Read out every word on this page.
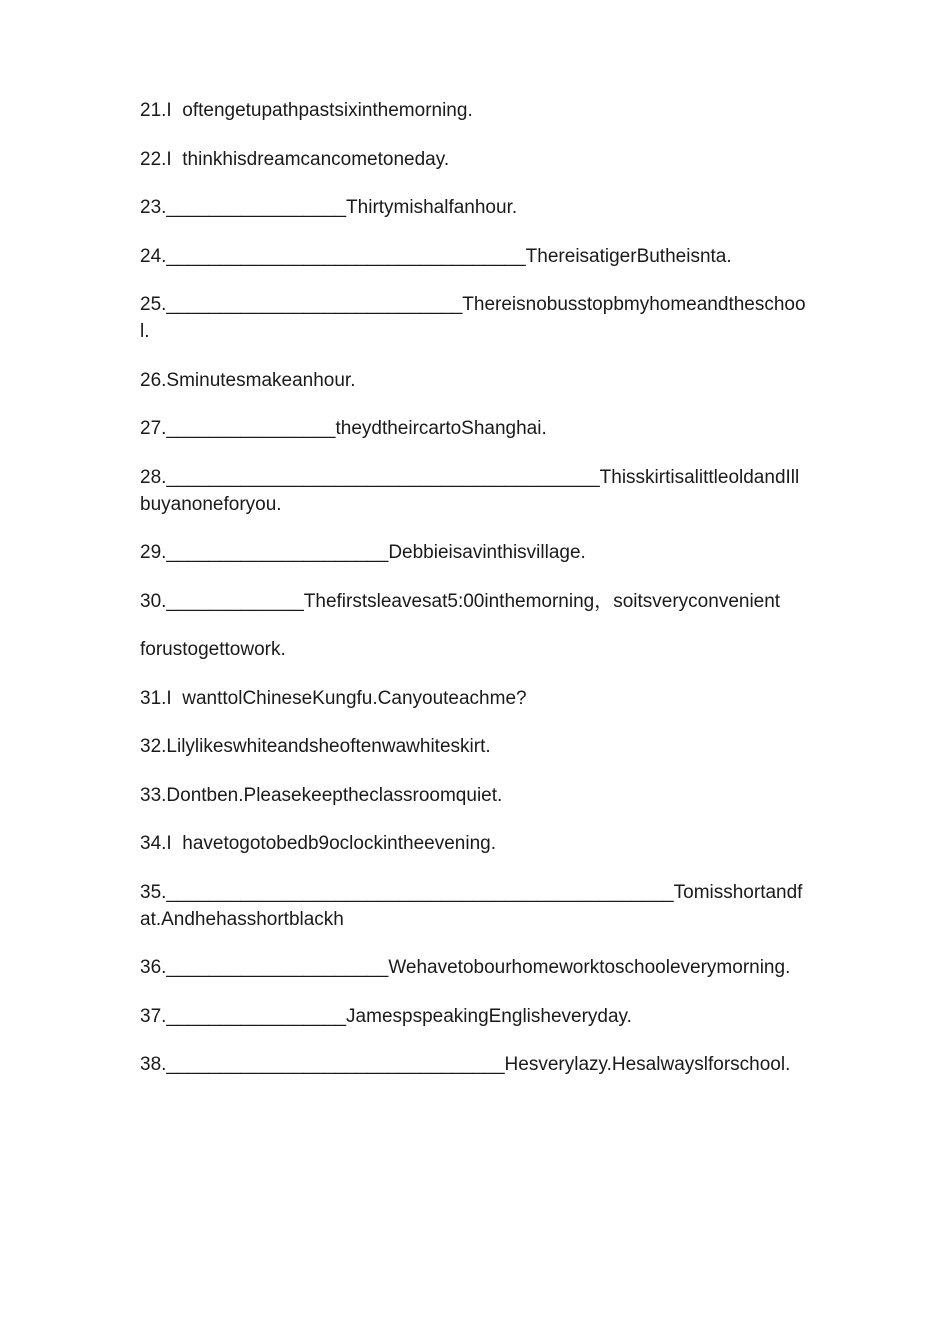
21.I  oftengetupathpastsixinthemorning.

22.I  thinkhisdreamcancometoneday.

23._________________Thirtymishalfanhour.

24.__________________________________ThereisatigerButheisnta.

25.____________________________Thereisnobusstopbmyhomeandtheschool.

26.Sminutesmakeanhour.

27.________________theydtheircartoShanghai.

28._________________________________________ThisskirtisalittleoldandIllbuyanoneforyou.

29._____________________Debbieisavinthisvillage.

30._____________Thefirstsleavesat5:00inthemorning，soitsveryconvenient

forustogettowork.

31.I  wanttolChineseKungfu.Canyouteachme?

32.Lilylikeswhiteandsheoftenwawhiteskirt.

33.Dontben.Pleasekeeptheclassroomquiet.

34.I  havetogotobedb9oclockintheevening.

35.________________________________________________Tomisshortandfat.Andhehasshortblackh

36._____________________Wehavetobourhomeworktoschooleverymorning.

37._________________JamespspeakingEnglisheveryday.

38.________________________________Hesverylazy.Hesalwayslforschool.
